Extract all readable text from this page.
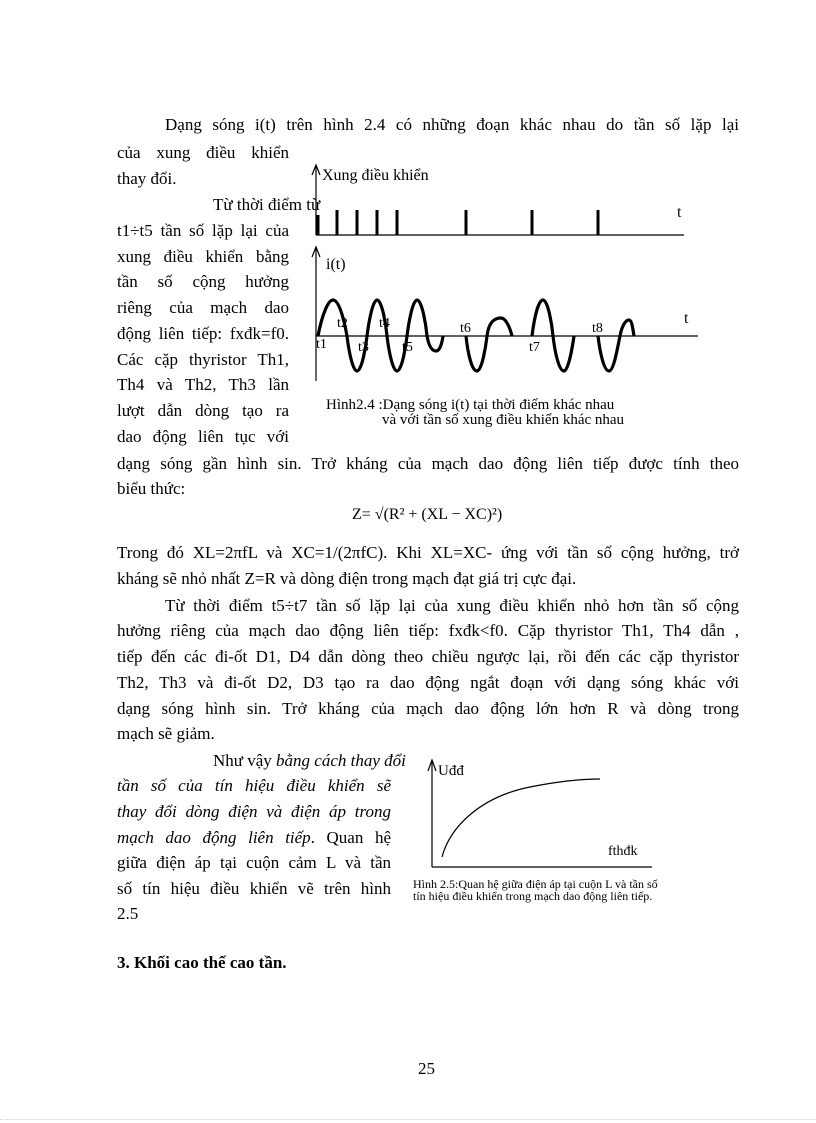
Dạng sóng i(t) trên hình 2.4 có những đoạn khác nhau do tần số lặp lại
của xung điều khiển
thay đổi.
Từ thời điểm từ
t1÷t5 tần số lặp lại của
xung điều khiển bằng
tần số cộng hưởng
riêng của mạch dao
động liên tiếp: fxđk=f0.
Các cặp thyristor Th1,
Th4 và Th2, Th3 lần
lượt dẫn dòng tạo ra
dao động liên tục với
dạng sóng gần hình sin. Trở kháng của mạch dao động liên tiếp được tính theo
biểu thức:
Xung điều khiển
t
i(t)
t
t1
t2
t3
t4
t5
t6
t7
t8
Hình2.4 :Dạng sóng i(t) tại thời điểm khác nhau
và với tần số xung điều khiển khác nhau
Z= √(R² + (XL − XC)²)
Trong đó XL=2πfL và XC=1/(2πfC). Khi XL=XC- ứng với tần số cộng hưởng, trở
kháng sẽ nhỏ nhất Z=R và dòng điện trong mạch đạt giá trị cực đại.
Từ thời điểm t5÷t7 tần số lặp lại của xung điều khiển nhỏ hơn tần số cộng
hưởng riêng của mạch dao động liên tiếp: fxđk<f0. Cặp thyristor Th1, Th4 dẫn ,
tiếp đến các đi-ốt D1, D4 dẫn dòng theo chiều ngược lại, rồi đến các cặp thyristor
Th2, Th3 và đi-ốt D2, D3 tạo ra dao động ngắt đoạn với dạng sóng khác với
dạng sóng hình sin. Trở kháng của mạch dao động lớn hơn R và dòng trong
mạch sẽ giảm.
Như vậy bằng cách thay đổi
tần số của tín hiệu điều khiển sẽ
thay đổi dòng điện và điện áp trong
mạch dao động liên tiếp. Quan hệ
giữa điện áp tại cuộn cảm L và tần
số tín hiệu điều khiển vẽ trên hình
2.5
Uđđ
fthđk
Hình 2.5:Quan hệ giữa điện áp tại cuộn L và tần số
tín hiệu điều khiển trong mạch dao động liên tiếp.
3. Khối cao thế cao tần.
25
